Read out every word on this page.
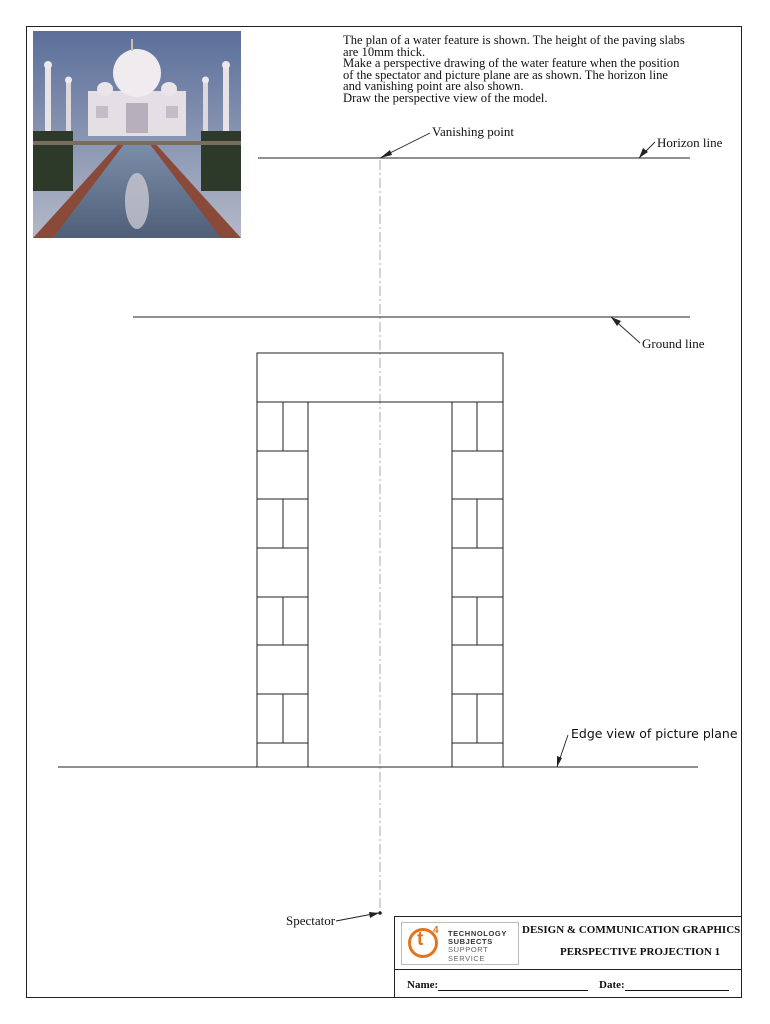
The plan of a water feature is shown. The height of the paving slabs
are 10mm thick.
Make a perspective drawing of the water feature when the position
of the spectator and picture plane are as shown. The horizon line
and vanishing point are also shown.
Draw the perspective view of the model.
Vanishing point
Horizon line
Ground line
Edge view of picture plane
Spectator
t 4 TECHNOLOGY
SUBJECTS
SUPPORT
SERVICE
DESIGN & COMMUNICATION GRAPHICS
PERSPECTIVE PROJECTION 1
Name:	Date:
